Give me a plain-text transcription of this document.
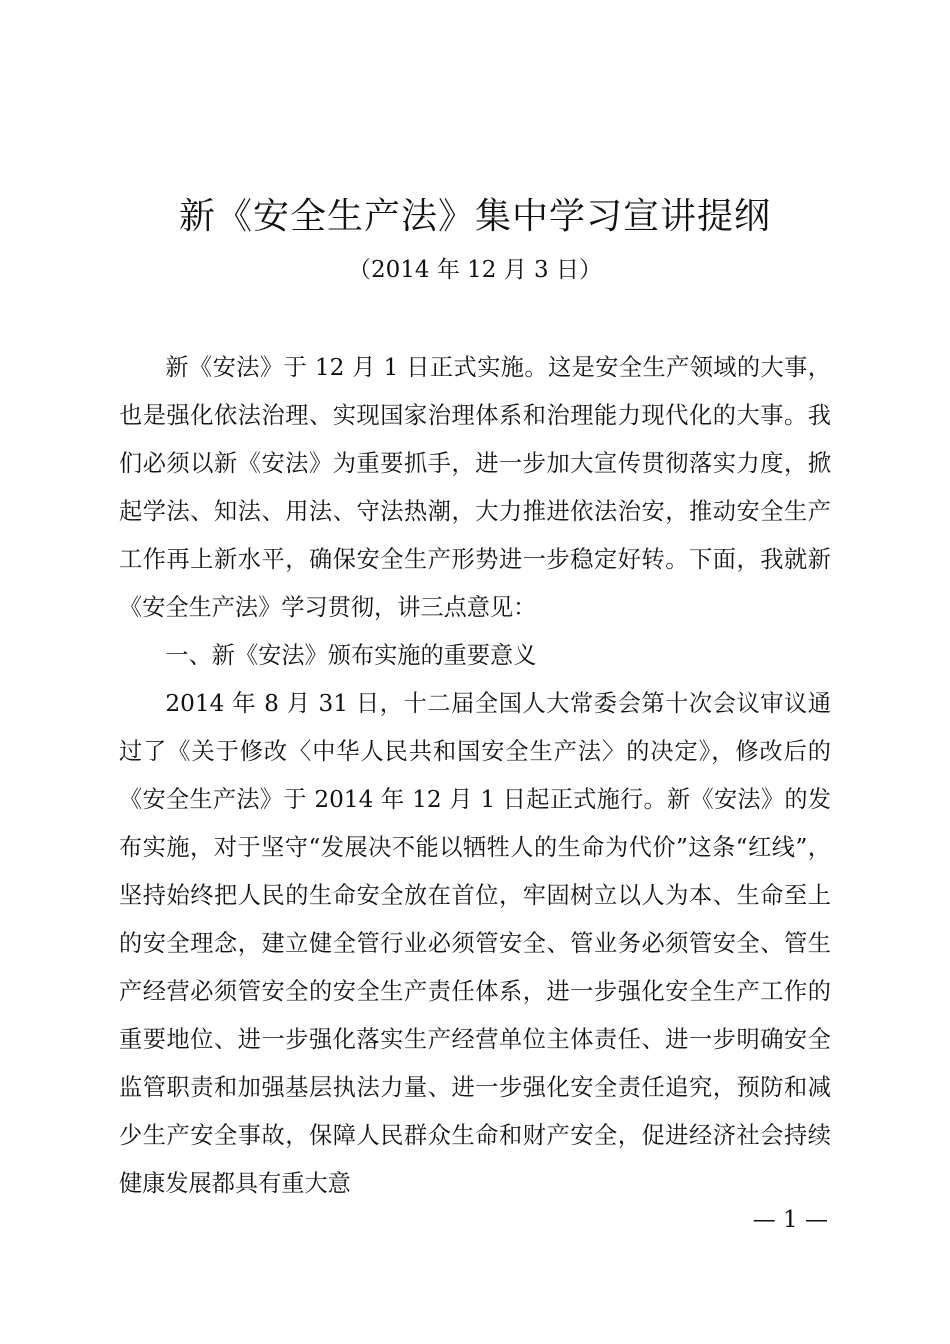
新《安全生产法》集中学习宣讲提纲
（2014 年 12 月 3 日）

新《安法》于 12 月 1 日正式实施。这是安全生产领域的大事，也是强化依法治理、实现国家治理体系和治理能力现代化的大事。我们必须以新《安法》为重要抓手，进一步加大宣传贯彻落实力度，掀起学法、知法、用法、守法热潮，大力推进依法治安，推动安全生产工作再上新水平，确保安全生产形势进一步稳定好转。下面，我就新《安全生产法》学习贯彻，讲三点意见：

一、新《安法》颁布实施的重要意义

2014 年 8 月 31 日，十二届全国人大常委会第十次会议审议通过了《关于修改〈中华人民共和国安全生产法〉的决定》，修改后的《安全生产法》于 2014 年 12 月 1 日起正式施行。新《安法》的发布实施，对于坚守“发展决不能以牺牲人的生命为代价”这条“红线”，坚持始终把人民的生命安全放在首位，牢固树立以人为本、生命至上的安全理念，建立健全管行业必须管安全、管业务必须管安全、管生产经营必须管安全的安全生产责任体系，进一步强化安全生产工作的重要地位、进一步强化落实生产经营单位主体责任、进一步明确安全监管职责和加强基层执法力量、进一步强化安全责任追究，预防和减少生产安全事故，保障人民群众生命和财产安全，促进经济社会持续健康发展都具有重大意

— 1 —
